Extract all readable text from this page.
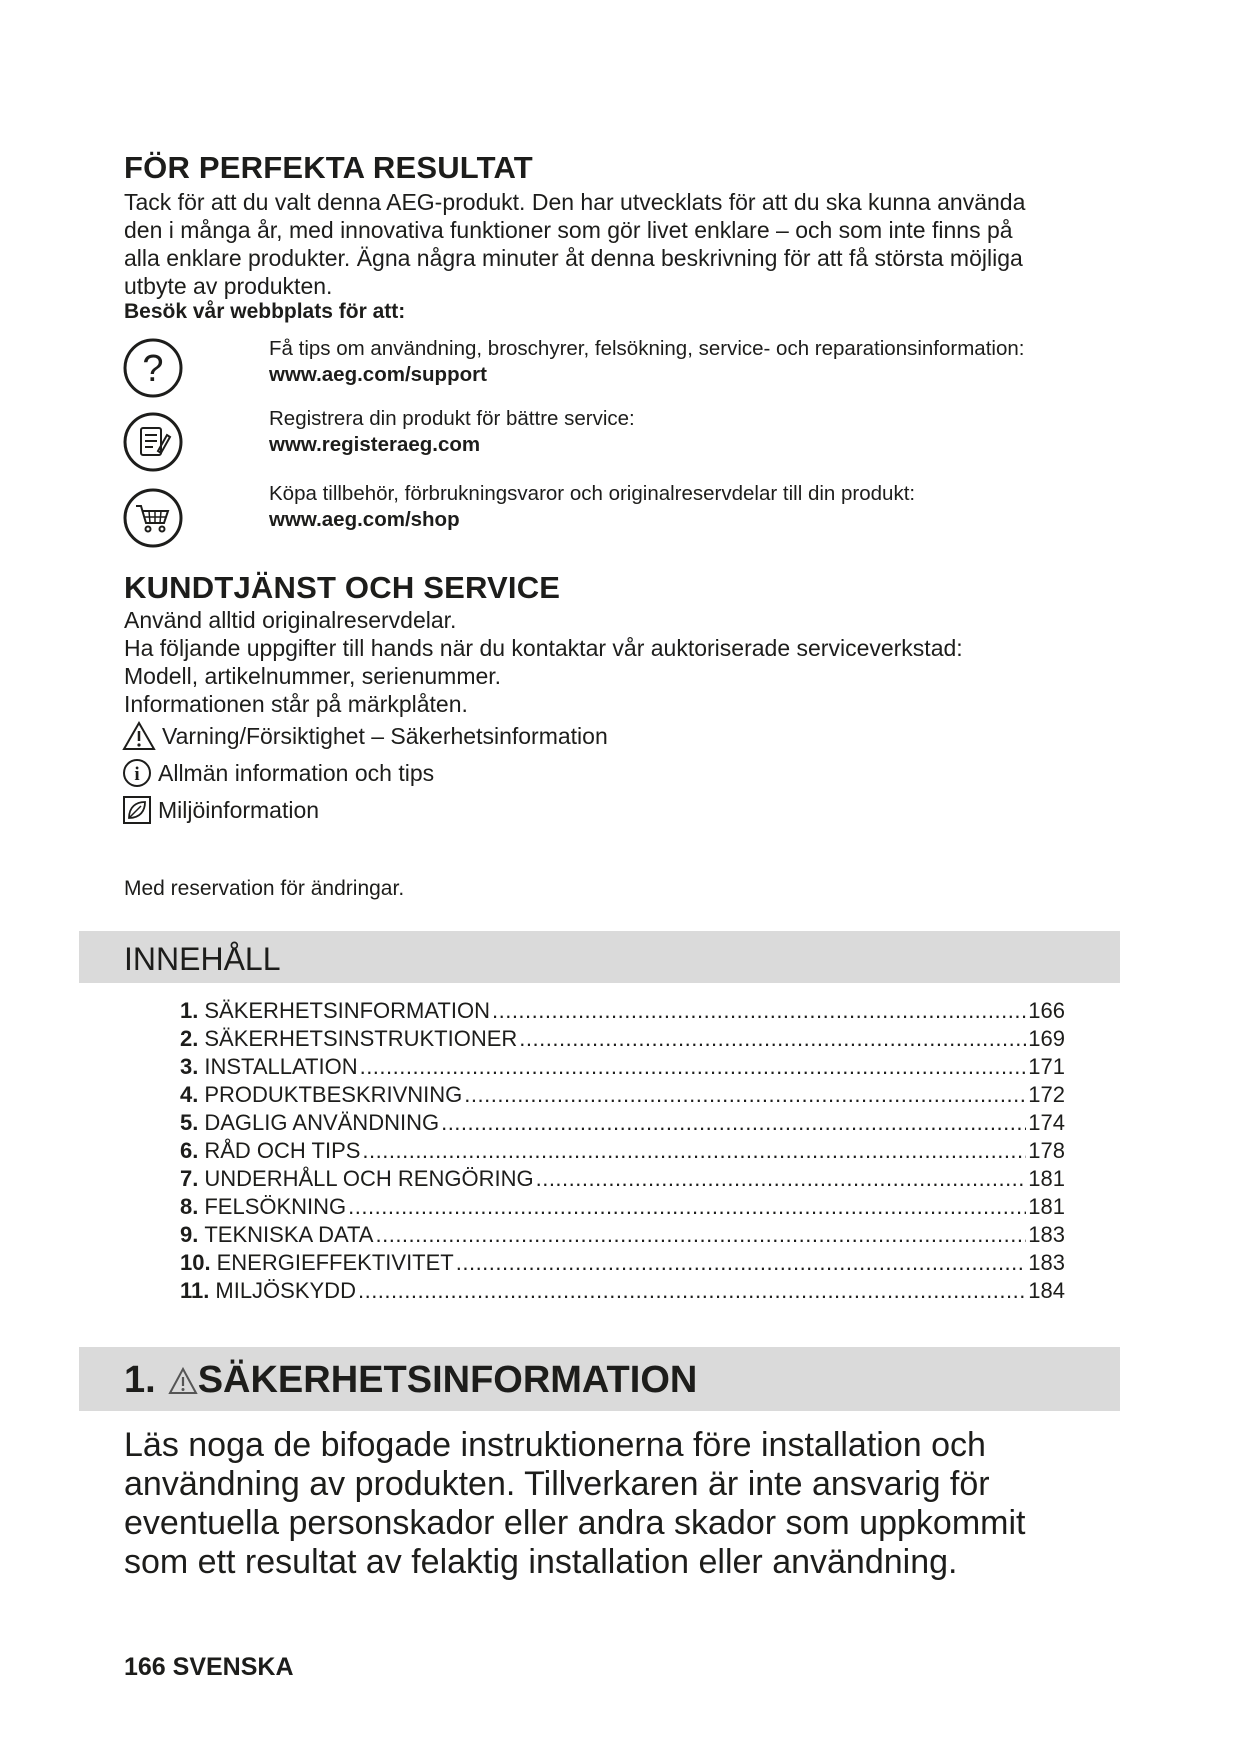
FÖR PERFEKTA RESULTAT
Tack för att du valt denna AEG-produkt. Den har utvecklats för att du ska kunna använda
den i många år, med innovativa funktioner som gör livet enklare – och som inte finns på
alla enklare produkter. Ägna några minuter åt denna beskrivning för att få största möjliga
utbyte av produkten.
Besök vår webbplats för att:
?	Få tips om användning, broschyrer, felsökning, service- och reparationsinformation:
www.aeg.com/support
Registrera din produkt för bättre service:
www.registeraeg.com
Köpa tillbehör, förbrukningsvaror och originalreservdelar till din produkt:
www.aeg.com/shop
KUNDTJÄNST OCH SERVICE
Använd alltid originalreservdelar.
Ha följande uppgifter till hands när du kontaktar vår auktoriserade serviceverkstad:
Modell, artikelnummer, serienummer.
Informationen står på märkplåten.
Varning/Försiktighet – Säkerhetsinformation
i Allmän information och tips
Miljöinformation
Med reservation för ändringar.
INNEHÅLL
1. SÄKERHETSINFORMATION .....	166
2. SÄKERHETSINSTRUKTIONER .....	169
3. INSTALLATION .....	171
4. PRODUKTBESKRIVNING .....	172
5. DAGLIG ANVÄNDNING .....	174
6. RÅD OCH TIPS .....	178
7. UNDERHÅLL OCH RENGÖRING .....	181
8. FELSÖKNING .....	181
9. TEKNISKA DATA .....	183
10. ENERGIEFFEKTIVITET .....	183
11. MILJÖSKYDD .....	184
1. SÄKERHETSINFORMATION
Läs noga de bifogade instruktionerna före installation och
användning av produkten. Tillverkaren är inte ansvarig för
eventuella personskador eller andra skador som uppkommit
som ett resultat av felaktig installation eller användning.
166 SVENSKA
